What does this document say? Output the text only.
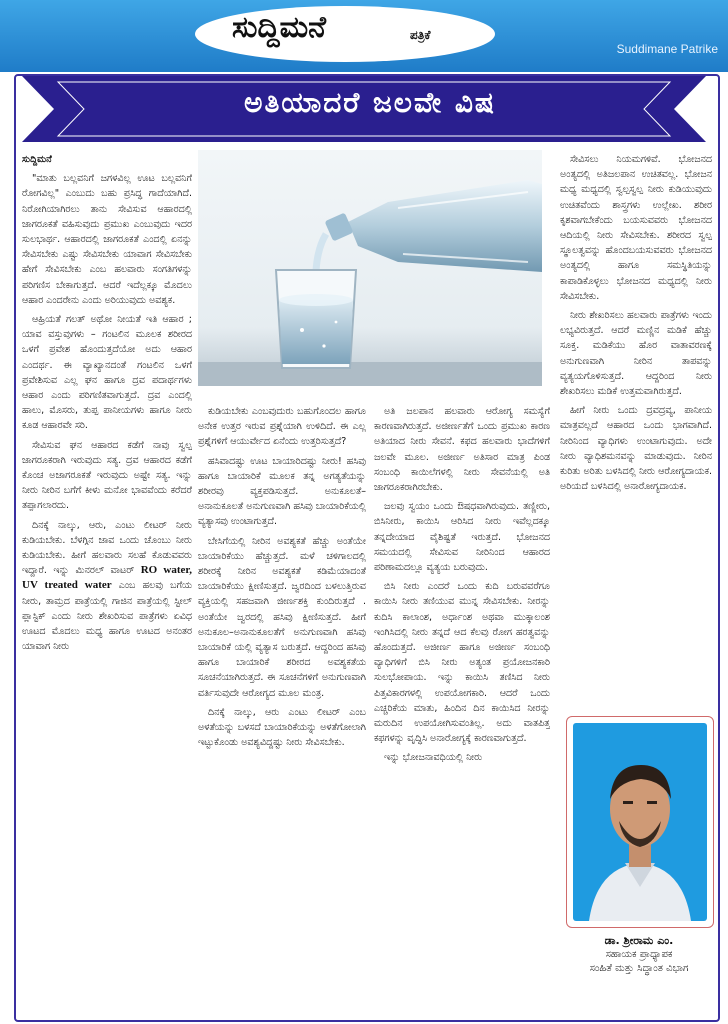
ಸುದ್ದಿಮನೆ	ಪತ್ರಿಕೆ
Suddimane Patrike
ಅತಿಯಾದರೆ ಜಲವೇ ವಿಷ

ಸುದ್ದಿಮನೆ

"ಮಾತು ಬಲ್ಲವನಿಗೆ ಜಗಳವಿಲ್ಲ ಊಟ ಬಲ್ಲವನಿಗೆ ರೋಗವಿಲ್ಲ" ಎಂಬುದು ಬಹು ಪ್ರಸಿದ್ಧ ಗಾದೆಯಾಗಿದೆ. ನಿರೋಗಿಯಾಗಿರಲು ತಾನು ಸೇವಿಸುವ ಆಹಾರದಲ್ಲಿ ಜಾಗರೂಕತೆ ವಹಿಸುವುದು ಪ್ರಮುಖ ಎಂಬುವುದು ಇದರ ಸುಲಭಾರ್ಥ. ಆಹಾರದಲ್ಲಿ ಜಾಗರೂಕತೆ ಎಂದಲ್ಲಿ ಏನನ್ನು ಸೇವಿಸಬೇಕು ಎಷ್ಟು ಸೇವಿಸಬೇಕು ಯಾವಾಗ ಸೇವಿಸಬೇಕು ಹೇಗೆ ಸೇವಿಸಬೇಕು ಎಂಬ ಹಲವಾರು ಸಂಗತಿಗಳನ್ನು ಪರಿಗಣಿಸ ಬೇಕಾಗುತ್ತದೆ. ಆದರೆ ಇದೆಲ್ಲಕ್ಕೂ ಮೊದಲು ಆಹಾರ ಎಂದರೇನು ಎಂದು ಅರಿಯುವುದು ಅವಶ್ಯಕ.

ಆಹ್ರಿಯತೆ ಗಲತ್ ಅಥೋ ನೀಯತೆ ಇತಿ ಆಹಾರ ; ಯಾವ ವಸ್ತುವುಗಳು – ಗಂಟಲಿನ ಮೂಲಕ ಶರೀರದ ಒಳಗೆ ಪ್ರವೇಶ ಹೊಂದುತ್ತದೆಯೋ ಅದು ಆಹಾರ ಎಂದರ್ಥ. ಈ ವ್ಯಾಖ್ಯಾನದಂತೆ ಗಂಟಲಿನ ಒಳಗೆ ಪ್ರವೇಶಿಸುವ ಎಲ್ಲ ಘನ ಹಾಗೂ ದ್ರವ ಪದಾರ್ಥಗಳು ಆಹಾರ ಎಂದು ಪರಿಗಣಿತವಾಗುತ್ತದೆ. ದ್ರವ ಎಂದಲ್ಲಿ ಹಾಲು, ಮೊಸರು, ತುಪ್ಪ ಪಾನೀಯಗಳು ಹಾಗೂ ನೀರು ಕೂಡ ಆಹಾರವೇ ಸರಿ.

ಸೇವಿಸುವ ಘನ ಆಹಾರದ ಕಡೆಗೆ ನಾವು ಸ್ವಲ್ಪ ಜಾಗರೂಕರಾಗಿ ಇರುವುದು ಸತ್ಯ. ದ್ರವ ಆಹಾರದ ಕಡೆಗೆ ಕೊಂಚ ಅಜಾಗರೂಕತೆ ಇರುವುದು ಅಷ್ಟೇ ಸತ್ಯ. ಇನ್ನು ನೀರು ನೀರಿನ ಬಗೆಗೆ ಕೀಳು ಮನೋ ಭಾವವೆಂದು ಕರೆದರೆ ತಪ್ಪಾಗಲಾರದು.

ದಿನಕ್ಕೆ ನಾಲ್ಕು, ಆರು, ಎಂಟು ಲೀಟರ್ ನೀರು ಕುಡಿಯಬೇಕು. ಬೆಳಗ್ಗಿನ ಜಾವ ಒಂದು ಚೊಂಬು ನೀರು ಕುಡಿಯಬೇಕು. ಹೀಗೆ ಹಲವಾರು ಸಲಹೆ ಕೊಡುವವರು ಇದ್ದಾರೆ. ಇನ್ನು ಮಿನರಲ್ ವಾಟರ್ RO water, UV treated water ಎಂಬ ಹಲವು ಬಗೆಯ ನೀರು, ತಾಮ್ರದ ಪಾತ್ರೆಯಲ್ಲಿ ಗಾಜಿನ ಪಾತ್ರೆಯಲ್ಲಿ ಸ್ಟೀಲ್ ಪ್ಲಾಸ್ಟಿಕ್ ಎಂದು ನೀರು ಶೇಖರಿಸುವ ಪಾತ್ರೆಗಳು ಏವಿಧ ಊಟದ ಮೊದಲು ಮಧ್ಯ ಹಾಗೂ ಊಟದ ಅನಂತರ ಯಾವಾಗ ನೀರು

ಕುಡಿಯಬೇಕು ಎಂಬವುದುರು ಬಹುಗೊಂದಲ ಹಾಗೂ ಅನೇಕ ಉತ್ತರ ಇರುವ ಪ್ರಶ್ನೆಯಾಗಿ ಉಳಿದಿದೆ. ಈ ಎಲ್ಲ ಪ್ರಶ್ನೆಗಳಿಗೆ ಆಯುರ್ವೇದ ಏನೆಂದು ಉತ್ತರಿಸುತ್ತದೆ?

ಹಸಿವಾದಷ್ಟು ಊಟ ಬಾಯಾರಿದಷ್ಟು ನೀರು! ಹಸಿವು ಹಾಗೂ ಬಾಯಾರಿಕೆ ಮೂಲಕ ತನ್ನ ಅಗತ್ಯತೆಯನ್ನು ಶರೀರವು ವ್ಯಕ್ತಪಡಿಸುತ್ತದೆ. ಅನುಕೂಲತೆ– ಅನಾನುಕೂಲತೆ ಅನುಗುಣವಾಗಿ ಹಸಿವು ಬಾಯಾರಿಕೆಯಲ್ಲಿ ವ್ಯತ್ಯಾಸವು ಉಂಟಾಗುತ್ತದೆ.

ಬೇಸಿಗೆಯಲ್ಲಿ ನೀರಿನ ಅವಶ್ಯಕತೆ ಹೆಚ್ಚು ಅಂತೆಯೇ ಬಾಯಾರಿಕೆಯು ಹೆಚ್ಚುತ್ತದೆ. ಮಳೆ ಚಳಿಗಾಲದಲ್ಲಿ ಶರೀರಕ್ಕೆ ನೀರಿನ ಅವಶ್ಯಕತೆ ಕಡಿಮೆಯಾದಂತೆ ಬಾಯಾರಿಕೆಯು ಕ್ಷೀಣಿಸುತ್ತದೆ. ಜ್ವರದಿಂದ ಬಳಲುತ್ತಿರುವ ವ್ಯಕ್ತಿಯಲ್ಲಿ ಸಹಜವಾಗಿ ಜೀರ್ಣಶಕ್ತಿ ಕುಂದಿರುತ್ತದೆ . ಅಂತೆಯೇ ಜ್ವರದಲ್ಲಿ ಹಸಿವು ಕ್ಷೀಣಿಸುತ್ತದೆ. ಹೀಗೆ ಅನುಕೂಲ–ಅನಾನುಕೂಲತೆಗೆ ಅನುಗುಣವಾಗಿ ಹಸಿವು ಬಾಯಾರಿಕೆ ಯಲ್ಲಿ ವ್ಯತ್ಯಾಸ ಬರುತ್ತದೆ. ಆದ್ದರಿಂದ ಹಸಿವು ಹಾಗೂ ಬಾಯಾರಿಕೆ ಶರೀರದ ಅವಶ್ಯಕತೆಯ ಸೂಚನೆಯಾಗಿರುತ್ತದೆ. ಈ ಸೂಚನೆಗಳಿಗೆ ಅನುಗುಣವಾಗಿ ವರ್ತಿಸುವುದೇ ಆರೋಗ್ಯದ ಮೂಲ ಮಂತ್ರ.

ದಿನಕ್ಕೆ ನಾಲ್ಕು, ಆರು ಎಂಟು ಲೀಟರ್ ಎಂಬ ಅಳತೆಯನ್ನು ಬಳಸದೆ ಬಾಯಾರಿಕೆಯನ್ನು ಅಳತೆಗೋಲಾಗಿ ಇಟ್ಟುಕೊಂಡು ಅವಶ್ಯವಿದ್ದಷ್ಟು ನೀರು ಸೇವಿಸಬೇಕು.

ಅತಿ ಜಲಪಾನ ಹಲವಾರು ಆರೋಗ್ಯ ಸಮಸ್ಯೆಗೆ ಕಾರಣವಾಗಿರುತ್ತದೆ. ಅಜೀರ್ಣತೆಗೆ ಒಂದು ಪ್ರಮುಖ ಕಾರಣ ಅತಿಯಾದ ನೀರು ಸೇವನೆ. ಕಫದ ಹಲವಾರು ಭಾದೆಗಳಿಗೆ ಜಲವೇ ಮೂಲ. ಅಜೀರ್ಣ ಅತಿಸಾರ ಮಾತ್ರ ಪಿಂಡ ಸಂಬಂಧಿ ಕಾಯಿಲೆಗಳಲ್ಲಿ ನೀರು ಸೇವನೆಯಲ್ಲಿ ಅತಿ ಜಾಗರೂಕರಾಗಿರಬೇಕು.

ಜಲವು ಸ್ವಯಂ ಒಂದು ಔಷಧವಾಗಿರುವುದು. ತಣ್ಣೀರು, ಬಿಸಿನೀರು, ಕಾಯಿಸಿ ಆರಿಸಿದ ನೀರು ಇವೆಲ್ಲದಕ್ಕೂ ತನ್ನದೇಯಾದ ವೈಶಿಷ್ಟತೆ ಇರುತ್ತದೆ. ಭೋಜನದ ಸಮಯದಲ್ಲಿ ಸೇವಿಸುವ ನೀರಿನಿಂದ ಆಹಾರದ ಪರಿಣಾಮದಲ್ಲೂ ವ್ಯತ್ಯಯ ಬರುವುದು.

ಬಿಸಿ ನೀರು ಎಂದರೆ ಒಂದು ಕುದಿ ಬರುವವರೆಗೂ ಕಾಯಿಸಿ ನೀರು ತಣಿಯುವ ಮುನ್ನ ಸೇವಿಸಬೇಕು. ನೀರನ್ನು ಕುದಿಸಿ ಕಾಲಾಂಶ, ಅರ್ಧಾಂಶ ಅಥವಾ ಮುಕ್ಕಾಲಂಶ ಇಂಗಿಸಿದಲ್ಲಿ ನೀರು ತನ್ನದೆ ಆದ ಕೆಲವು ರೋಗ ಹರತ್ವವನ್ನು ಹೊಂದುತ್ತದೆ. ಅಜೀರ್ಣ ಹಾಗೂ ಅಜೀರ್ಣ ಸಂಬಂಧಿ ವ್ಯಾಧಿಗಳಿಗೆ ಬಿಸಿ ನೀರು ಅತ್ಯಂತ ಪ್ರಯೋಜನಕಾರಿ ಸುಲಭೋಪಾಯ. ಇನ್ನು ಕಾಯಿಸಿ ತಣಿಸಿದ ನೀರು ಪಿತ್ತವಿಕಾರಗಳಲ್ಲಿ ಉಪಯೋಗಕಾರಿ. ಆದರೆ ಒಂದು ಎಚ್ಚರಿಕೆಯ ಮಾತು, ಹಿಂದಿನ ದಿನ ಕಾಯಿಸಿದ ನೀರನ್ನು ಮರುದಿನ ಉಪಯೋಗಿಸುವಂತಿಲ್ಲ. ಅದು ವಾತಪಿತ್ತ ಕಫಗಳನ್ನು ವೃದ್ಧಿಸಿ ಅನಾರೋಗ್ಯಕ್ಕೆ ಕಾರಣವಾಗುತ್ತದೆ.

ಇನ್ನು ಭೋಜನಾವಧಿಯಲ್ಲಿ ನೀರು

ಸೇವಿಸಲು ನಿಯಮಗಳಿವೆ. ಭೋಜನದ ಅಂತ್ಯದಲ್ಲಿ ಅತಿಜಲಪಾನ ಉಚಿತವಲ್ಲ. ಭೋಜನ ಮಧ್ಯ ಮಧ್ಯದಲ್ಲಿ ಸ್ವಲ್ಪಸ್ವಲ್ಪ ನೀರು ಕುಡಿಯುವುದು ಉಚಿತವೆಂದು ಶಾಸ್ತ್ರಗಳು ಉಲ್ಲೇಖ. ಶರೀರ ಕೃಶವಾಗಬೇಕೆಂದು ಬಯಸುವವರು ಭೋಜನದ ಆದಿಯಲ್ಲಿ ನೀರು ಸೇವಿಸಬೇಕು. ಶರೀರದ ಸ್ವಲ್ಪ ಸ್ಥೂಲತ್ವವನ್ನು ಹೊಂದಬಯಸುವವರು ಭೋಜನದ ಅಂತ್ಯದಲ್ಲಿ ಹಾಗೂ ಸಮಸ್ಥಿತಿಯನ್ನು ಕಾಪಾಡಿಕೊಳ್ಳಲು ಭೋಜನದ ಮಧ್ಯದಲ್ಲಿ ನೀರು ಸೇವಿಸಬೇಕು.

ನೀರು ಶೇಖರಿಸಲು ಹಲವಾರು ಪಾತ್ರೆಗಳು ಇಂದು ಲಭ್ಯವಿರುತ್ತದೆ. ಆದರೆ ಮಣ್ಣಿನ ಮಡಿಕೆ ಹೆಚ್ಚು ಸೂಕ್ತ. ಮಡಿಕೆಯು ಹೊರ ವಾತಾವರಣಕ್ಕೆ ಅನುಗುಣವಾಗಿ ನೀರಿನ ತಾಪವನ್ನು ವ್ಯತ್ಯಯಗೊಳಿಸುತ್ತದೆ. ಆದ್ದರಿಂದ ನೀರು ಶೇಖರಿಸಲು ಮಡಿಕೆ ಉತ್ತಮವಾಗಿರುತ್ತದೆ.

ಹೀಗೆ ನೀರು ಒಂದು ದ್ರವದ್ರವ್ಯ, ಪಾನೀಯ ಮಾತ್ರವಲ್ಲದೆ ಆಹಾರದ ಒಂದು ಭಾಗವಾಗಿದೆ. ನೀರಿನಿಂದ ವ್ಯಾಧಿಗಳು ಉಂಟಾಗುವುದು. ಅದೇ ನೀರು ವ್ಯಾಧಿಶಮನವನ್ನು ಮಾಡುವುದು. ನೀರಿನ ಕುರಿತು ಅರಿತು ಬಳಸಿದಲ್ಲಿ ನೀರು ಆರೋಗ್ಯದಾಯಕ. ಅರಿಯದೆ ಬಳಸಿದಲ್ಲಿ ಅನಾರೋಗ್ಯದಾಯಕ.

ಡಾ. ಶ್ರೀರಾಮ ಎಂ.
ಸಹಾಯಕ ಪ್ರಾಧ್ಯಾಪಕ
ಸಂಹಿತೆ ಮತ್ತು ಸಿದ್ಧಾಂತ ವಿಭಾಗ
